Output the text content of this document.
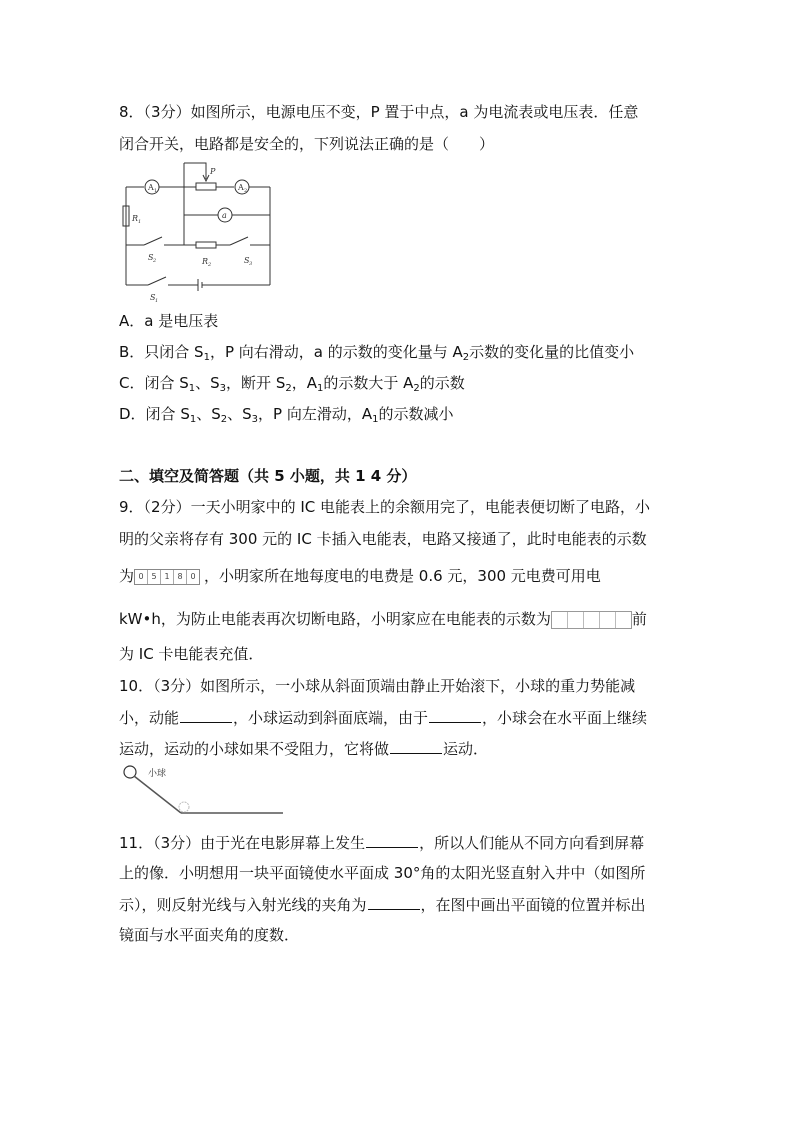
8．（3分）如图所示，电源电压不变，P 置于中点，a 为电流表或电压表．任意
闭合开关，电路都是安全的，下列说法正确的是（　　）
P
A 1	A 2
a
R 1
S 2	R 2	S 3
S 1
A．a 是电压表
B．只闭合 $S_1$，P 向右滑动，a 的示数的变化量与 $A_2$示数的变化量的比值变小
C．闭合 $S_1$、$S_3$，断开 $S_2$，$A_1$的示数大于 $A_2$的示数
D．闭合 $S_1$、$S_2$、$S_3$，P 向左滑动，$A_1$的示数减小
二、填空及简答题（共 5 小题，共 1 4 分）
9．（2分）一天小明家中的 IC 电能表上的余额用完了，电能表便切断了电路，小
明的父亲将存有 300 元的 IC 卡插入电能表，电路又接通了，此时电能表的示数
为 0 5 1 8 0 ，小明家所在地每度电的电费是 0.6 元，300 元电费可用电
kW•h，为防止电能表再次切断电路，小明家应在电能表的示数为	前
为 IC 卡电能表充值．
10．（3分）如图所示，一小球从斜面顶端由静止开始滚下，小球的重力势能减
小，动能	，小球运动到斜面底端，由于	，小球会在水平面上继续
运动，运动的小球如果不受阻力，它将做	运动．
小球
11．（3分）由于光在电影屏幕上发生	，所以人们能从不同方向看到屏幕
上的像．小明想用一块平面镜使水平面成 30°角的太阳光竖直射入井中（如图所
示），则反射光线与入射光线的夹角为	，在图中画出平面镜的位置并标出
镜面与水平面夹角的度数．
